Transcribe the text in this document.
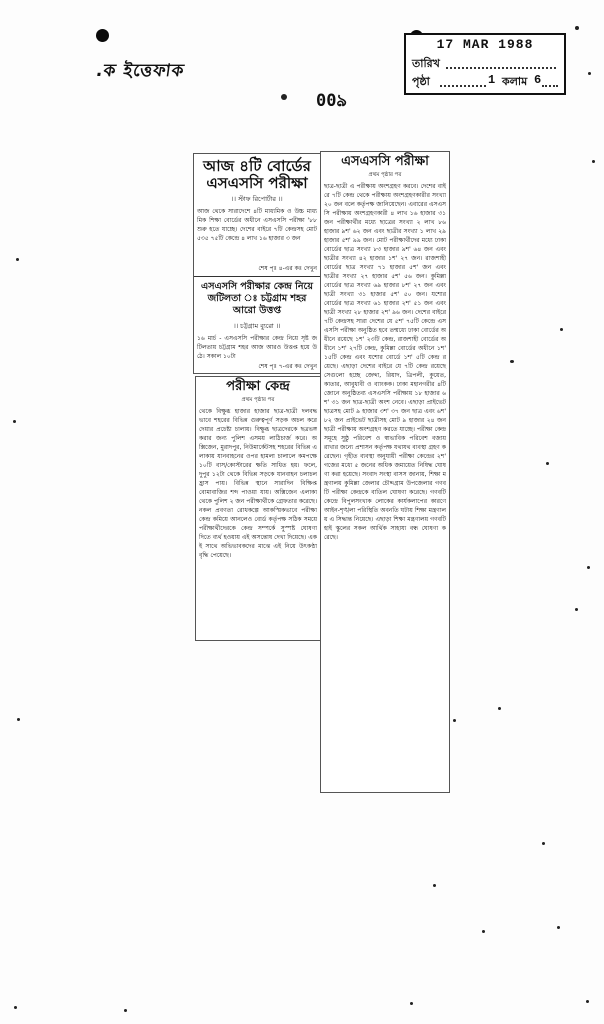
.ক ইত্তেফাক
00ঌ
17 MAR 1988
তারিখ
পৃষ্ঠা	1 কলাম 6
আজ ৪টি বোর্ডের
এসএসসি পরীক্ষা
।। স্টাফ রিপোর্টার ।।
আজ থেকে সারাদেশে ৪টি মাধ্যমিক ও উচ্চ মাধ্যমিক শিক্ষা বোর্ডের অধীনে এসএসসি পরীক্ষা '৮৮ শুরু হতে যাচ্ছে। দেশের বাইরে ৭টি কেন্দ্রসহ মোট ৫৩৫ ৭৫টি কেন্দ্রে ৪ লাখ ১৬ হাজার ৩ জন
শেষ পৃঃ ৪-এর কঃ দেখুন
এসএসসি পরীক্ষার কেন্দ্র নিয়ে জটিলতা ঃ চট্টগ্রাম শহর আরো উত্তপ্ত
।। চট্টগ্রাম ব্যুরো ।।
১৬ মার্চ - এসএসসি পরীক্ষার কেন্দ্র নিয়ে সৃষ্ট জটিলতায় চট্টগ্রাম শহর আজ আরও উত্তপ্ত হয়ে উঠে। সকাল ১০টা
শেষ পৃঃ ৭-এর কঃ দেখুন
পরীক্ষা কেন্দ্র
প্রথম পৃষ্ঠার পর
থেকে বিক্ষুব্ধ হাজার হাজার ছাত্র-ছাত্রী দলবদ্ধভাবে শহরের বিভিন্ন গুরুত্বপূর্ণ সড়ক অচল করে দেয়ার প্রচেষ্টা চালায়। বিক্ষুব্ধ ছাত্রদেরকে ছত্রভঙ্গ করার জন্য পুলিশ এসময় লাঠিচার্জ করে। অক্সিজেন, মুরাদপুর, নিউমার্কেটসহ শহরের বিভিন্ন এলাকায় যানবাহনের ওপর হামলা চালালে কমপক্ষে ১০টি বাস/কোস্টারের ক্ষতি সাধিত হয়। ফলে, দুপুর ১২টা থেকে বিভিন্ন সড়কে যানবাহন চলাচল হ্রাস পায়। বিভিন্ন স্থানে সারাদিন বিক্ষিপ্ত বোমাবাজির শব্দ পাওয়া যায়। অক্সিজেন এলাকা থেকে পুলিশ ২ জন পরীক্ষার্থীকে গ্রেফতার করেছে। নকল প্রবণতা রোধকল্পে আকস্মিকভাবে পরীক্ষা কেন্দ্র কমিয়ে আনলেও বোর্ড কর্তৃপক্ষ সঠিক সময়ে পরীক্ষার্থীদেরকে কেন্দ্র সম্পর্কে সুস্পষ্ট ঘোষণা দিতে ব্যর্থ হওয়ায় এই অসন্তোষ দেখা দিয়েছে। একই সাথে অভিভাবকদের মাঝে এই নিয়ে উৎকণ্ঠা বৃদ্ধি পেয়েছে।
এসএসসি পরীক্ষা
প্রথম পৃষ্ঠার পর
ছাত্র-ছাত্রী এ পরীক্ষায় অংশগ্রহণ করবে। দেশের বাইরে ৭টি কেন্দ্র থেকে পরীক্ষায় অংশগ্রহণকারীর সংখ্যা ২০ জন বলে কর্তৃপক্ষ জানিয়েছেন। এবারের এসএসসি পরীক্ষায় অংশগ্রহণকারী ৪ লাখ ১৬ হাজার ৩১ জন পরীক্ষার্থীর মধ্যে ছাত্রের সংখ্যা ২ লাখ ৮৬ হাজার ৯শ' ৬২ জন এবং ছাত্রীর সংখ্যা ১ লাখ ২৯ হাজার ৫শ' ৯৯ জন। মোট পরীক্ষার্থীদের মধ্যে ঢাকা বোর্ডের ছাত্র সংখ্যা ৮৩ হাজার ৯শ' ৬৪ জন এবং ছাত্রীর সংখ্যা ৪২ হাজার ১শ' ২৭ জন। রাজশাহী বোর্ডের ছাত্র সংখ্যা ৭১ হাজার ৫শ' জন এবং ছাত্রীর সংখ্যা ২৭ হাজার ৫শ' ৫৬ জন। কুমিল্লা বোর্ডের ছাত্র সংখ্যা ৬৯ হাজার ৮শ' ২৭ জন এবং ছাত্রী সংখ্যা ৩১ হাজার ৫শ' ৫০ জন। যশোর বোর্ডের ছাত্র সংখ্যা ৬১ হাজার ২শ' ৫১ জন এবং ছাত্রী সংখ্যা ২৮ হাজার ২শ' ৯৬ জন। দেশের বাইরে ৭টি কেন্দ্রসহ সারা দেশের যে ৫শ' ৭৫টি কেন্দ্রে এসএসসি পরীক্ষা অনুষ্ঠিত হবে তন্মধ্যে ঢাকা বোর্ডের অধীনে রয়েছে ১শ' ২৩টি কেন্দ্র, রাজশাহী বোর্ডের অধীনে ১শ' ২৭টি কেন্দ্র, কুমিল্লা বোর্ডের অধীনে ১শ' ১৫টি কেন্দ্র এবং যশোর বোর্ডে ১শ' ৫টি কেন্দ্র রয়েছে। এছাড়া দেশের বাইরে যে ৭টি কেন্দ্র রয়েছে সেগুলো হচ্ছে জেদ্দা, রিয়াদ, ত্রিপলী, কুয়েত, কাতার, আবুধাবী ও ব্যাংকক। ঢাকা মহানগরীর ৪টি জোনে অনুষ্ঠিতব্য এসএসসি পরীক্ষায় ১৮ হাজার ৬শ' ৩১ জন ছাত্র-ছাত্রী অংশ নেবে। এছাড়া প্রাইভেট ছাত্রসহ মোট ৯ হাজার ৩শ' ৩৭ জন ছাত্র এবং ৬শ' ৮২ জন প্রাইভেট ছাত্রীসহ মোট ৯ হাজার ২৪ জন ছাত্রী পরীক্ষায় অংশগ্রহণ করতে যাচ্ছে। পরীক্ষা কেন্দ্রসমূহে সুষ্ঠু পরিবেশ ও স্বাভাবিক পরিবেশ বজায় রাখার জন্যে প্রশাসন কর্তৃপক্ষ যথাযথ ব্যবস্থা গ্রহণ করেছেন। গৃহীত ব্যবস্থা অনুযায়ী পরীক্ষা কেন্দ্রের ২শ' গজের মধ্যে ৫ জনের অধিক জমায়েত নিষিদ্ধ ঘোষণা করা হয়েছে। সংবাদ সংস্থা বাসস জানায়, শিক্ষা মন্ত্রণালয় কুমিল্লা জেলার চৌদ্দগ্রাম উপজেলার গণবটি পরীক্ষা কেন্দ্রকে বাতিল ঘোষণা করেছে। গণবটি কেন্দ্রে বিপুলসংখ্যক লোকের কার্যকলাপের কারণে আইন-শৃঙ্খলা পরিস্থিতি অবনতি ঘটায় শিক্ষা মন্ত্রণালয় এ সিদ্ধান্ত নিয়েছে। এছাড়া শিক্ষা মন্ত্রণালয় গণবটি হাই স্কুলের সকল আর্থিক সাহায্য বন্ধ ঘোষণা করেছে।
